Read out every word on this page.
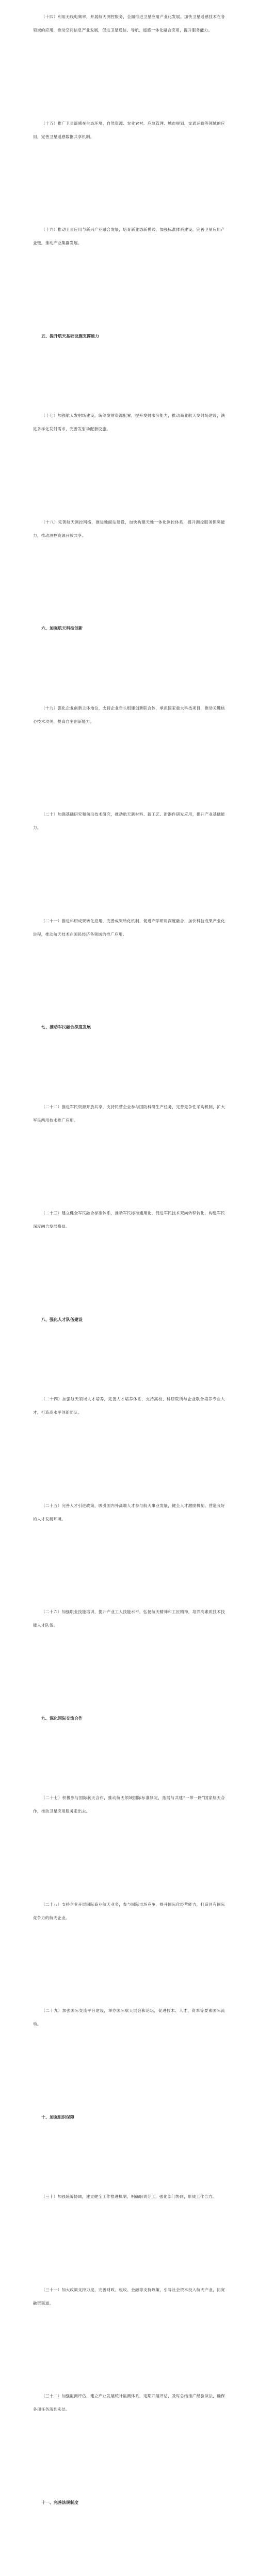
（十四）利用无线电频率，开展航天测控服务，全面推进卫星应用产业化发展。加快卫星遥感技术在各领域的应用，推动空间信息产业发展，促进卫星通信、导航、遥感一体化融合应用，提升服务能力。
（十五）推广卫星遥感在生态环境、自然资源、农业农村、应急管理、城市规划、交通运输等领域的应用，完善卫星遥感数据共享机制。
（十六）推动卫星应用与新兴产业融合发展，培育新业态新模式，加强标准体系建设，完善卫星应用产业链，推动产业集群发展。
五、提升航天基础设施支撑能力
（十七）加强航天发射场建设，统筹发射资源配置，提升发射服务能力，推动商业航天发射场建设，满足多样化发射需求，完善发射场配套设施。
（十八）完善航天测控网络，推进地面站建设，加快构建天地一体化测控体系，提升测控服务保障能力，推动测控资源开放共享。
六、加强航天科技创新
（十九）强化企业创新主体地位，支持企业牵头组建创新联合体，承担国家重大科技项目，推动关键核心技术攻关，提高自主创新能力。
（二十）加强基础研究和前沿技术研究，推动航天新材料、新工艺、新器件研发应用，提升产业基础能力。
（二十一）推进科研成果转化应用，完善成果转化机制，促进产学研用深度融合，加快科技成果产业化进程，推动航天技术在国民经济各领域的推广应用。
七、推动军民融合深度发展
（二十二）推进军民资源开放共享，支持民营企业参与国防科研生产任务，完善竞争性采购机制，扩大军民两用技术推广应用。
（二十三）建立健全军民融合标准体系，推动军民标准通用化，促进军民技术双向转移转化，构建军民深度融合发展格局。
八、强化人才队伍建设
（二十四）加强航天领域人才培养，完善人才培养体系，支持高校、科研院所与企业联合培养专业人才，打造高水平创新团队。
（二十五）完善人才引进政策，吸引国内外高端人才参与航天事业发展，健全人才激励机制，营造良好的人才发展环境。
（二十六）加强职业技能培训，提升产业工人技能水平，弘扬航天精神和工匠精神，培养高素质技术技能人才队伍。
九、深化国际交流合作
（二十七）积极参与国际航天合作，推动航天领域国际标准制定，拓展与共建“一带一路”国家航天合作，推动卫星应用服务走出去。
（二十八）支持企业开展国际商业航天业务，参与国际市场竞争，提升国际化经营能力，打造具有国际竞争力的航天企业。
（二十九）加强国际交流平台建设，举办国际航天展会和论坛，促进技术、人才、资本等要素国际流动。
十、加强组织保障
（三十）加强统筹协调，建立健全工作推进机制，明确职责分工，强化部门协同，形成工作合力。
（三十一）加大政策支持力度，完善财政、税收、金融等支持政策，引导社会资本投入航天产业，拓宽融资渠道。
（三十二）加强监测评估，建立产业发展统计监测体系，定期开展评估，及时总结推广经验做法，确保各项任务落到实处。
十一、完善法规制度
